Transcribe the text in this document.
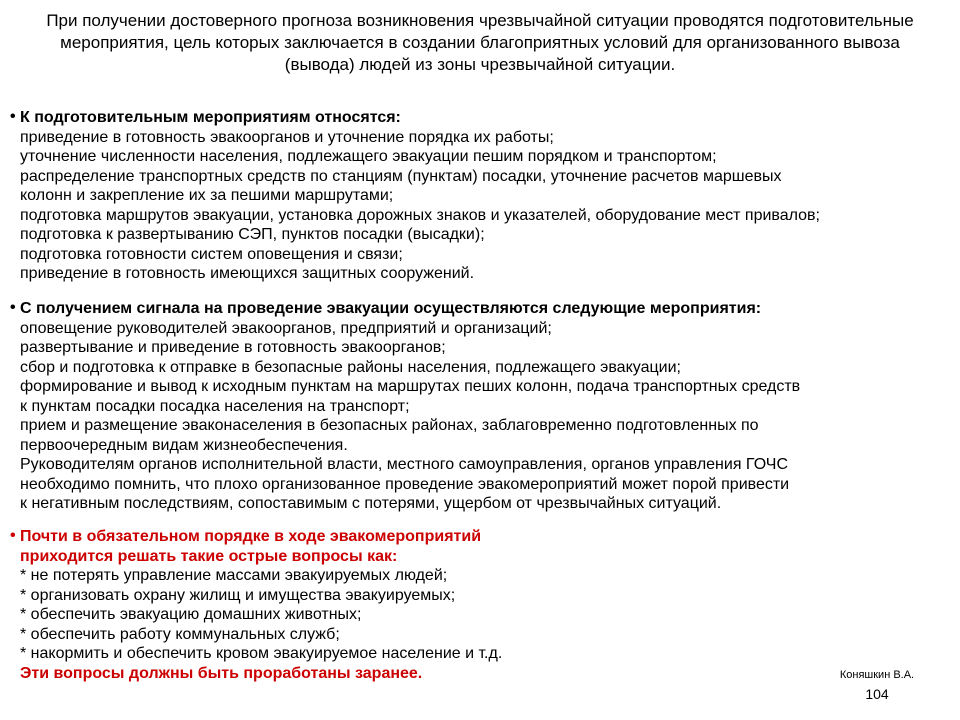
При получении достоверного прогноза возникновения чрезвычайной ситуации проводятся подготовительные мероприятия, цель которых заключается в создании благоприятных условий для организованного вывоза (вывода) людей из зоны чрезвычайной ситуации.
• К подготовительным мероприятиям относятся:
приведение в готовность эвакоорганов и уточнение порядка их работы;
уточнение численности населения, подлежащего эвакуации пешим порядком и транспортом;
распределение транспортных средств по станциям (пунктам) посадки, уточнение расчетов маршевых
колонн и закрепление их за пешими маршрутами;
подготовка маршрутов эвакуации, установка дорожных знаков и указателей, оборудование мест привалов;
подготовка к развертыванию СЭП, пунктов посадки (высадки);
подготовка готовности систем оповещения и связи;
приведение в готовность имеющихся защитных сооружений.
• С получением сигнала на проведение эвакуации осуществляются следующие мероприятия:
оповещение руководителей эвакоорганов, предприятий и организаций;
развертывание и приведение в готовность эвакоорганов;
сбор и подготовка к отправке в безопасные районы населения, подлежащего эвакуации;
формирование и вывод к исходным пунктам на маршрутах пеших колонн, подача транспортных средств
к пунктам посадки посадка населения на транспорт;
прием и размещение эваконаселения в безопасных районах, заблаговременно подготовленных по
первоочередным видам жизнеобеспечения.
Руководителям органов исполнительной власти, местного самоуправления, органов управления ГОЧС
необходимо помнить, что плохо организованное проведение эвакомероприятий может порой привести
к негативным последствиям, сопоставимым с потерями, ущербом от чрезвычайных ситуаций.
• Почти в обязательном порядке в ходе эвакомероприятий
приходится решать такие острые вопросы как:
* не потерять управление массами эвакуируемых людей;
* организовать охрану жилищ и имущества эвакуируемых;
* обеспечить эвакуацию домашних животных;
* обеспечить работу коммунальных служб;
* накормить и обеспечить кровом эвакуируемое население и т.д.
Эти вопросы должны быть проработаны заранее.	Коняшкин В.А.
104
